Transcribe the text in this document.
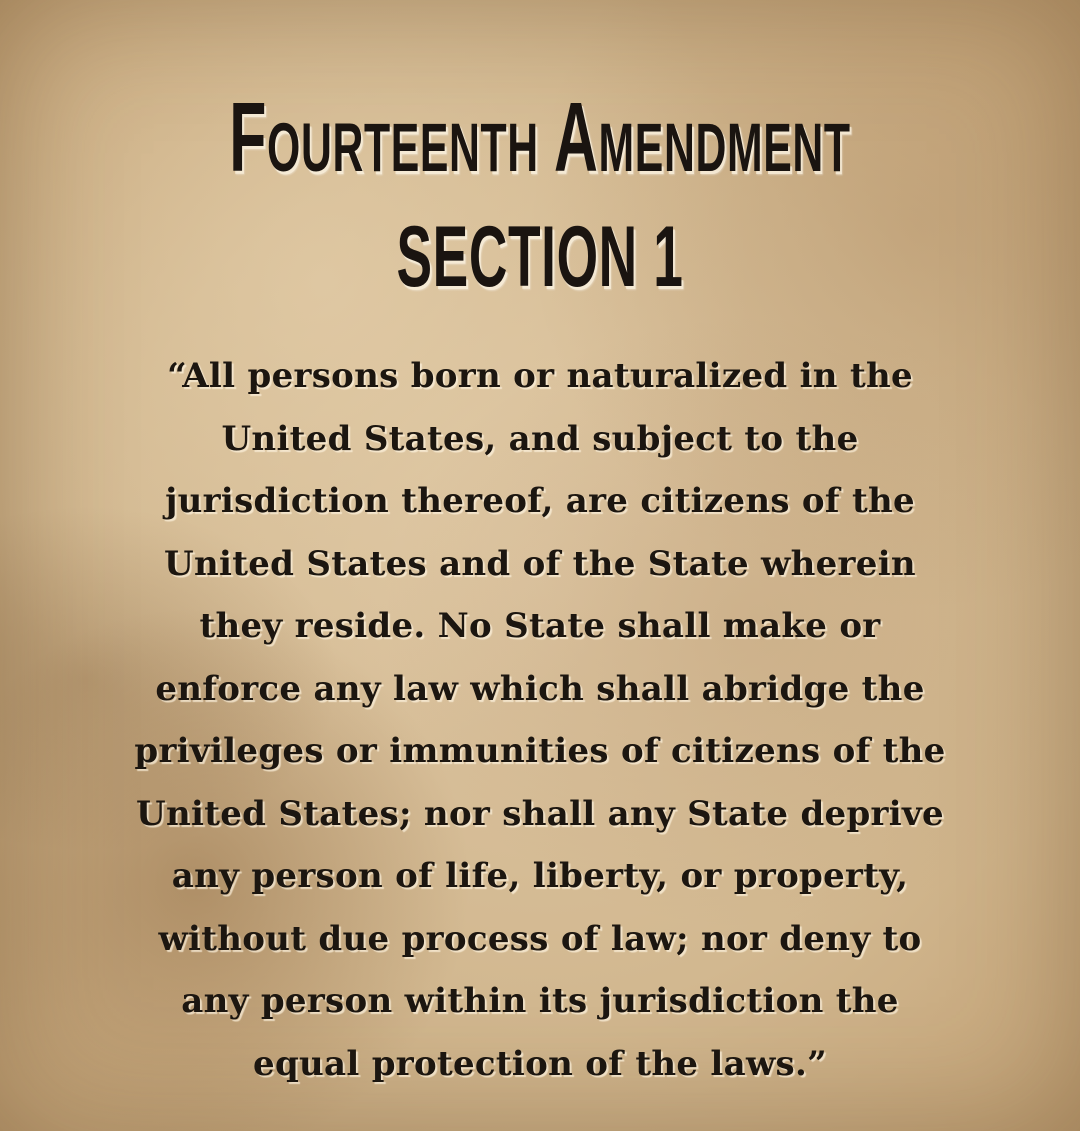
Fourteenth Amendment
SECTION 1

“All persons born or naturalized in the
United States, and subject to the
jurisdiction thereof, are citizens of the
United States and of the State wherein
they reside. No State shall make or
enforce any law which shall abridge the
privileges or immunities of citizens of the
United States; nor shall any State deprive
any person of life, liberty, or property,
without due process of law; nor deny to
any person within its jurisdiction the
equal protection of the laws.”
